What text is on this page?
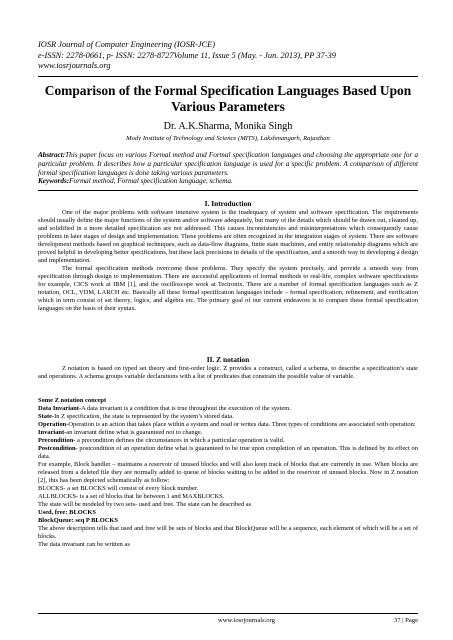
IOSR Journal of Computer Engineering (IOSR-JCE)
e-ISSN: 2278-0661, p- ISSN: 2278-8727Volume 11, Issue 5 (May. - Jun. 2013), PP 37-39
www.iosrjournals.org
Comparison of the Formal Specification Languages Based Upon Various Parameters
Dr. A.K.Sharma, Monika Singh
Mody Institute of Technology and Science (MITS), Lakshmangarh, Rajasthan
Abstract:This paper focus on various Formal method and Formal specification languages and choosing the appropriate one for a particular problem. It describes how a particular specification language is used for a specific problem. A comparison of different formal specification languages is done taking various parameters.
Keywords:Formal method, Formal specification language, schema.
I. Introduction

One of the major problems with software intensive system is the inadequacy of system and software specification. The requirements should usually define the major functions of the system and/or software adequately, but many of the details which should be drawn out, cleaned up, and solidified in a more detailed specification are not addressed. This causes inconsistencies and misinterpretations which consequently cause problems in later stages of design and implementation. These problems are often recognized in the integration stages of system. There are software development methods based on graphical techniques, such as data-flow diagrams, finite state machines, and entity relationship diagrams which are proved helpful in developing better specifications, but these lack precisions in details of the specification, and a smooth way in developing a design and implementation.

The formal specification methods overcome these problems. They specify the system precisely, and provide a smooth way from specification through design to implementation. There are successful applications of formal methods to real-life, complex software specifications for example, CICS work at IBM [1], and the oscilloscope work at Tectronix. There are a number of formal specification languages such as Z notation, OCL, VDM, LARCH etc. Basically all these formal specification languages include – formal specification, refinement, and verification which in term consist of set theory, logics, and algebra etc. The primary goal of our current endeavors is to compare these formal specification languages on the basis of their syntax.

II. Z notation

Z notation is based on typed set theory and first-order logic. Z provides a construct, called a schema, to describe a specification’s state and operations. A schema groups variable declarations with a list of predicates that constrain the possible value of variable.

Some Z notation concept

Data Invariant-A data invariant is a condition that is true throughout the execution of the system.

State-In Z specification, the state is represented by the system’s stored data.

Operation-Operation is an action that takes place within a system and read or writes data. Three types of conditions are associated with operation:

Invariant-an invariant define what is guaranteed not to change.

Precondition- a precondition defines the circumstances in which a particular operation is valid.

Postcondition- postcondition of an operation define what is guaranteed to be true upon completion of an operation. This is defined by its effect on data.

For example, Block handler – maintains a reservoir of unused blocks and will also keep track of blocks that are currently in use. When blocks are released from a deleted file they are normally added to queue of blocks waiting to be added to the reservoir of unused blocks. Now in Z notation [2], this has been depicted schematically as follow:

BLOCKS- a set BLOCKS will consist of every block number.

ALLBLOCKS- is a set of blocks that lie between 1 and MAXBLOCKS.

The state will be modeled by two sets- used and free. The state can be described as

Used, free: BLOCKS

BlockQueue: seq P BLOCKS

The above description tells that used and free will be sets of blocks and that BlockQueue will be a sequence, each element of which will be a set of blocks.

The data invariant can be written as

www.iosrjournals.org	37 | Page
